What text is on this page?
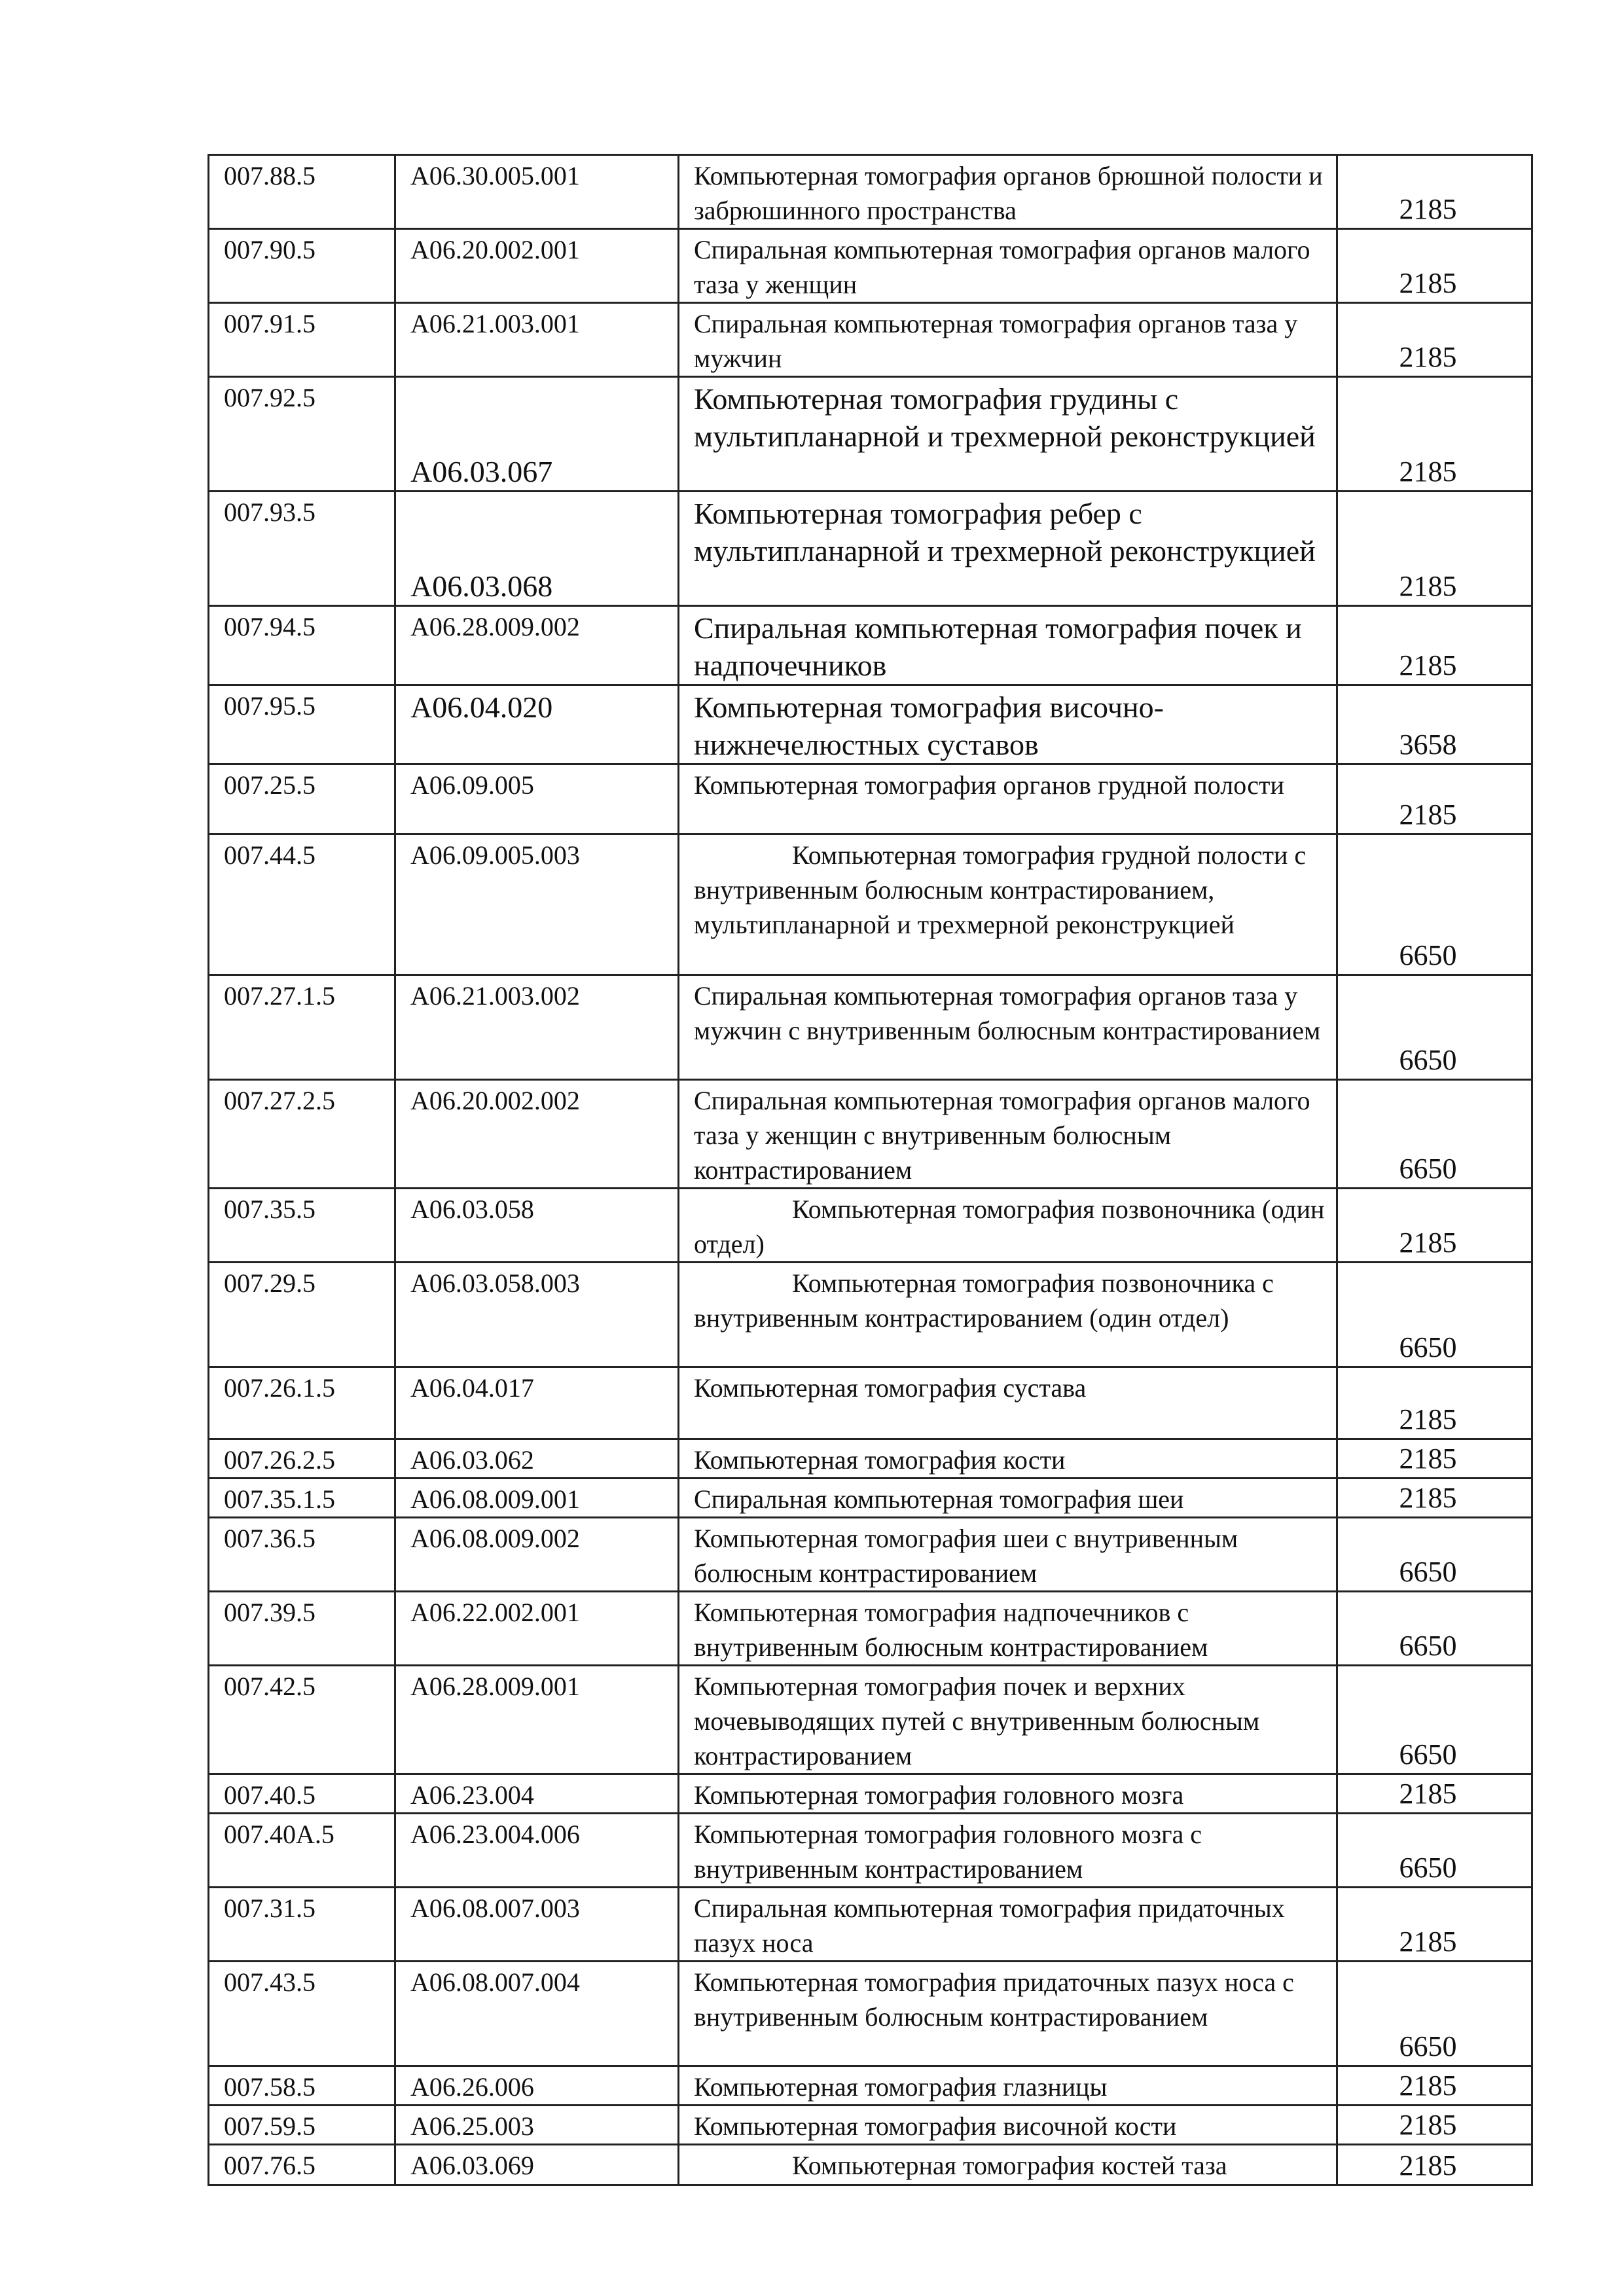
007.88.5	A06.30.005.001	Компьютерная томография органов брюшной полости и забрюшинного пространства	2185
007.90.5	A06.20.002.001	Спиральная компьютерная томография органов малого таза у женщин	2185
007.91.5	A06.21.003.001	Спиральная компьютерная томография органов таза у мужчин	2185
007.92.5	A06.03.067	Компьютерная томография грудины с мультипланарной и трехмерной реконструкцией	2185
007.93.5	A06.03.068	Компьютерная томография ребер с мультипланарной и трехмерной реконструкцией	2185
007.94.5	A06.28.009.002	Спиральная компьютерная томография почек и надпочечников	2185
007.95.5	A06.04.020	Компьютерная томография височно-нижнечелюстных суставов	3658
007.25.5	A06.09.005	Компьютерная томография органов грудной полости	2185
007.44.5	A06.09.005.003	Компьютерная томография грудной полости с внутривенным болюсным контрастированием, мультипланарной и трехмерной реконструкцией	6650
007.27.1.5	A06.21.003.002	Спиральная компьютерная томография органов таза у мужчин с внутривенным болюсным контрастированием	6650
007.27.2.5	A06.20.002.002	Спиральная компьютерная томография органов малого таза у женщин с внутривенным болюсным контрастированием	6650
007.35.5	A06.03.058	Компьютерная томография позвоночника (один отдел)	2185
007.29.5	A06.03.058.003	Компьютерная томография позвоночника с внутривенным контрастированием (один отдел)	6650
007.26.1.5	A06.04.017	Компьютерная томография сустава	2185
007.26.2.5	A06.03.062	Компьютерная томография кости	2185
007.35.1.5	A06.08.009.001	Спиральная компьютерная томография шеи	2185
007.36.5	A06.08.009.002	Компьютерная томография шеи с внутривенным болюсным контрастированием	6650
007.39.5	A06.22.002.001	Компьютерная томография надпочечников с внутривенным болюсным контрастированием	6650
007.42.5	A06.28.009.001	Компьютерная томография почек и верхних мочевыводящих путей с внутривенным болюсным контрастированием	6650
007.40.5	A06.23.004	Компьютерная томография головного мозга	2185
007.40A.5	A06.23.004.006	Компьютерная томография головного мозга с внутривенным контрастированием	6650
007.31.5	A06.08.007.003	Спиральная компьютерная томография придаточных пазух носа	2185
007.43.5	A06.08.007.004	Компьютерная томография придаточных пазух носа с внутривенным болюсным контрастированием	6650
007.58.5	A06.26.006	Компьютерная томография глазницы	2185
007.59.5	A06.25.003	Компьютерная томография височной кости	2185
007.76.5	A06.03.069	Компьютерная томография костей таза	2185
